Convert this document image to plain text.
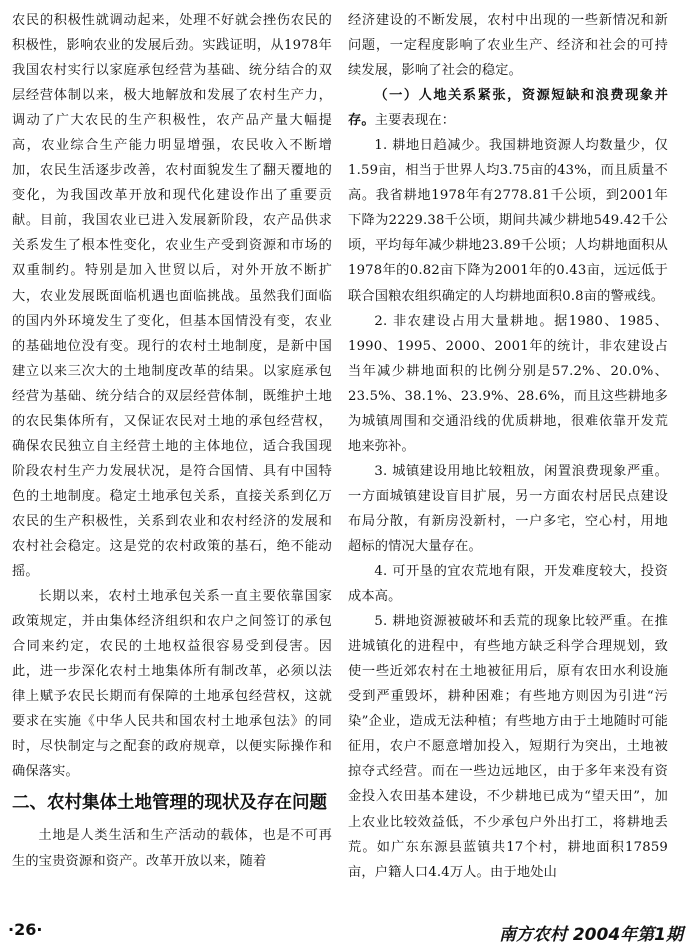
农民的积极性就调动起来，处理不好就会挫伤农民的积极性，影响农业的发展后劲。实践证明，从1978年我国农村实行以家庭承包经营为基础、统分结合的双层经营体制以来，极大地解放和发展了农村生产力，调动了广大农民的生产积极性，农产品产量大幅提高，农业综合生产能力明显增强，农民收入不断增加，农民生活逐步改善，农村面貌发生了翻天覆地的变化，为我国改革开放和现代化建设作出了重要贡献。目前，我国农业已进入发展新阶段，农产品供求关系发生了根本性变化，农业生产受到资源和市场的双重制约。特别是加入世贸以后，对外开放不断扩大，农业发展既面临机遇也面临挑战。虽然我们面临的国内外环境发生了变化，但基本国情没有变，农业的基础地位没有变。现行的农村土地制度，是新中国建立以来三次大的土地制度改革的结果。以家庭承包经营为基础、统分结合的双层经营体制，既维护土地的农民集体所有，又保证农民对土地的承包经营权，确保农民独立自主经营土地的主体地位，适合我国现阶段农村生产力发展状况，是符合国情、具有中国特色的土地制度。稳定土地承包关系，直接关系到亿万农民的生产积极性，关系到农业和农村经济的发展和农村社会稳定。这是党的农村政策的基石，绝不能动摇。

长期以来，农村土地承包关系一直主要依靠国家政策规定，并由集体经济组织和农户之间签订的承包合同来约定，农民的土地权益很容易受到侵害。因此，进一步深化农村土地集体所有制改革，必须以法律上赋予农民长期而有保障的土地承包经营权，这就要求在实施《中华人民共和国农村土地承包法》的同时，尽快制定与之配套的政府规章，以便实际操作和确保落实。

二、农村集体土地管理的现状及存在问题

土地是人类生活和生产活动的载体，也是不可再生的宝贵资源和资产。改革开放以来，随着

经济建设的不断发展，农村中出现的一些新情况和新问题，一定程度影响了农业生产、经济和社会的可持续发展，影响了社会的稳定。

（一）人地关系紧张，资源短缺和浪费现象并存。主要表现在：

1. 耕地日趋减少。我国耕地资源人均数量少，仅1.59亩，相当于世界人均3.75亩的43%，而且质量不高。我省耕地1978年有2778.81千公顷，到2001年下降为2229.38千公顷，期间共减少耕地549.42千公顷，平均每年减少耕地23.89千公顷；人均耕地面积从1978年的0.82亩下降为2001年的0.43亩，远远低于联合国粮农组织确定的人均耕地面积0.8亩的警戒线。

2. 非农建设占用大量耕地。据1980、1985、1990、1995、2000、2001年的统计，非农建设占当年减少耕地面积的比例分别是57.2%、20.0%、23.5%、38.1%、23.9%、28.6%，而且这些耕地多为城镇周围和交通沿线的优质耕地，很难依靠开发荒地来弥补。

3. 城镇建设用地比较粗放，闲置浪费现象严重。一方面城镇建设盲目扩展，另一方面农村居民点建设布局分散，有新房没新村，一户多宅，空心村，用地超标的情况大量存在。

4. 可开垦的宜农荒地有限，开发难度较大，投资成本高。

5. 耕地资源被破坏和丢荒的现象比较严重。在推进城镇化的进程中，有些地方缺乏科学合理规划，致使一些近郊农村在土地被征用后，原有农田水利设施受到严重毁坏，耕种困难；有些地方则因为引进“污染”企业，造成无法种植；有些地方由于土地随时可能征用，农户不愿意增加投入，短期行为突出，土地被掠夺式经营。而在一些边远地区，由于多年来没有资金投入农田基本建设，不少耕地已成为“望天田”，加上农业比较效益低，不少承包户外出打工，将耕地丢荒。如广东东源县蓝镇共17个村，耕地面积17859亩，户籍人口4.4万人。由于地处山

·26·	南方农村 2004年第1期
